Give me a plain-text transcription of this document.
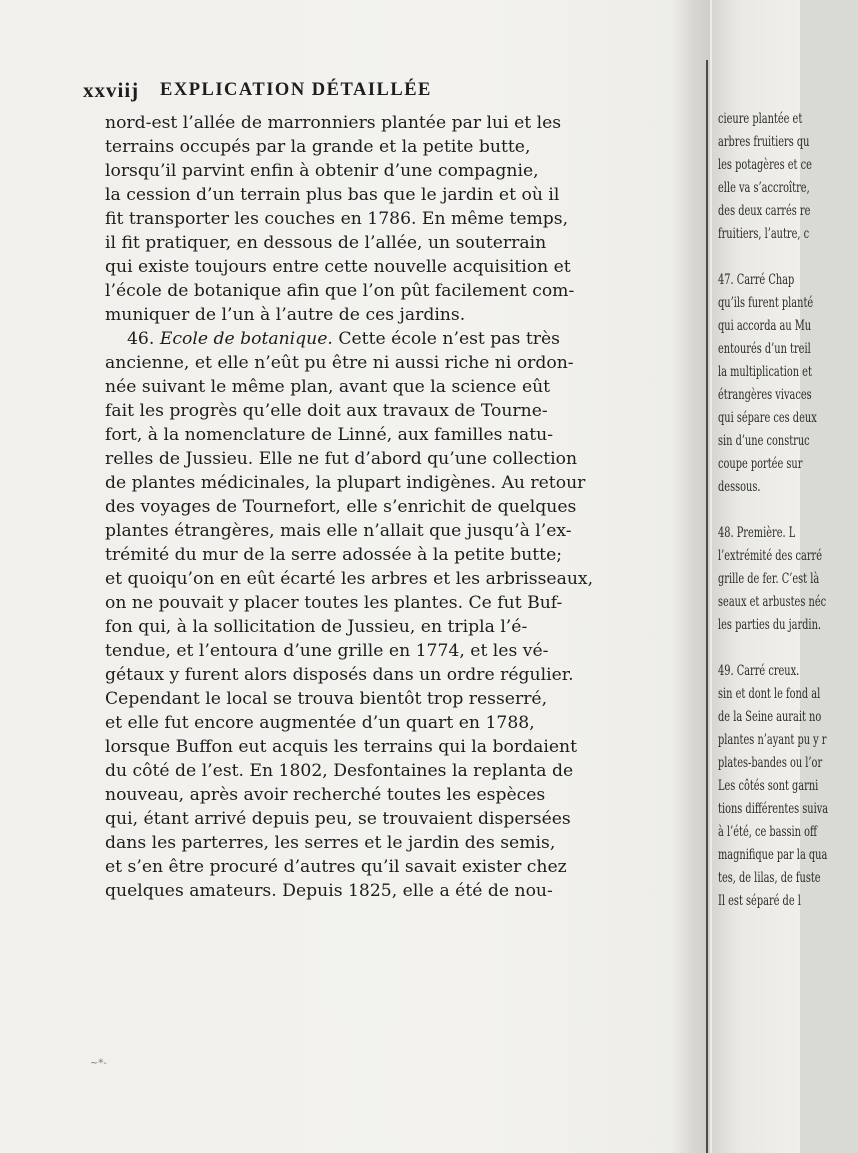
xxviij EXPLICATION DÉTAILLÉE
nord-est l’allée de marronniers plantée par lui et les
terrains occupés par la grande et la petite butte,
lorsqu’il parvint enfin à obtenir d’une compagnie,
la cession d’un terrain plus bas que le jardin et où il
fit transporter les couches en 1786. En même temps,
il fit pratiquer, en dessous de l’allée, un souterrain
qui existe toujours entre cette nouvelle acquisition et
l’école de botanique afin que l’on pût facilement com-
muniquer de l’un à l’autre de ces jardins.
46. Ecole de botanique. Cette école n’est pas très
ancienne, et elle n’eût pu être ni aussi riche ni ordon-
née suivant le même plan, avant que la science eût
fait les progrès qu’elle doit aux travaux de Tourne-
fort, à la nomenclature de Linné, aux familles natu-
relles de Jussieu. Elle ne fut d’abord qu’une collection
de plantes médicinales, la plupart indigènes. Au retour
des voyages de Tournefort, elle s’enrichit de quelques
plantes étrangères, mais elle n’allait que jusqu’à l’ex-
trémité du mur de la serre adossée à la petite butte;
et quoiqu’on en eût écarté les arbres et les arbrisseaux,
on ne pouvait y placer toutes les plantes. Ce fut Buf-
fon qui, à la sollicitation de Jussieu, en tripla l’é-
tendue, et l’entoura d’une grille en 1774, et les vé-
gétaux y furent alors disposés dans un ordre régulier.
Cependant le local se trouva bientôt trop resserré,
et elle fut encore augmentée d’un quart en 1788,
lorsque Buffon eut acquis les terrains qui la bordaient
du côté de l’est. En 1802, Desfontaines la replanta de
nouveau, après avoir recherché toutes les espèces
qui, étant arrivé depuis peu, se trouvaient dispersées
dans les parterres, les serres et le jardin des semis,
et s’en être procuré d’autres qu’il savait exister chez
quelques amateurs. Depuis 1825, elle a été de nou-
~*-
cieure plantée et
arbres fruitiers qu
les potagères et ce
elle va s’accroître,
des deux carrés re
fruitiers, l’autre, c
47. Carré Chap
qu’ils furent planté
qui accorda au Mu
entourés d’un treil
la multiplication et
étrangères vivaces
qui sépare ces deux
sin d’une construc
coupe portée sur
dessous.
48. Première. L
l’extrémité des carré
grille de fer. C’est là
seaux et arbustes néc
les parties du jardin.
49. Carré creux.
sin et dont le fond al
de la Seine aurait no
plantes n’ayant pu y r
plates-bandes ou l’or
Les côtés sont garni
tions différentes suiva
à l’été, ce bassin off
magnifique par la qua
tes, de lilas, de fuste
Il est séparé de l
